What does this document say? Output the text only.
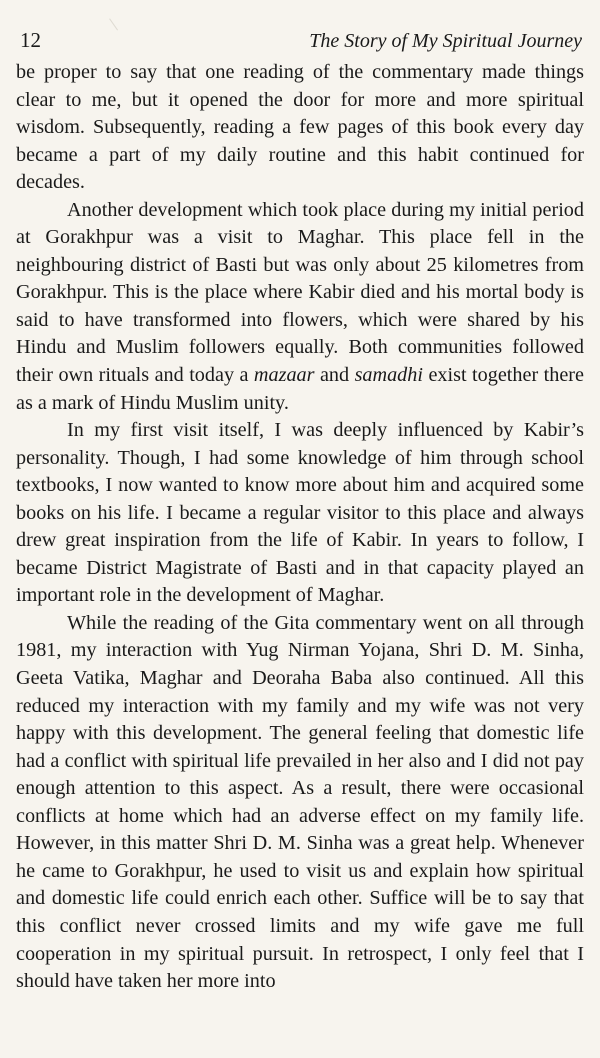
12	The Story of My Spiritual Journey

be proper to say that one reading of the commentary made things clear to me, but it opened the door for more and more spiritual wisdom. Subsequently, reading a few pages of this book every day became a part of my daily routine and this habit continued for decades.

Another development which took place during my initial period at Gorakhpur was a visit to Maghar. This place fell in the neighbouring district of Basti but was only about 25 kilometres from Gorakhpur. This is the place where Kabir died and his mortal body is said to have transformed into flowers, which were shared by his Hindu and Muslim followers equally. Both communities followed their own rituals and today a mazaar and samadhi exist together there as a mark of Hindu Muslim unity.

In my first visit itself, I was deeply influenced by Kabir’s personality. Though, I had some knowledge of him through school textbooks, I now wanted to know more about him and acquired some books on his life. I became a regular visitor to this place and always drew great inspiration from the life of Kabir. In years to follow, I became District Magistrate of Basti and in that capacity played an important role in the development of Maghar.

While the reading of the Gita commentary went on all through 1981, my interaction with Yug Nirman Yojana, Shri D. M. Sinha, Geeta Vatika, Maghar and Deoraha Baba also continued. All this reduced my interaction with my family and my wife was not very happy with this development. The general feeling that domestic life had a conflict with spiritual life prevailed in her also and I did not pay enough attention to this aspect. As a result, there were occasional conflicts at home which had an adverse effect on my family life. However, in this matter Shri D. M. Sinha was a great help. Whenever he came to Gorakhpur, he used to visit us and explain how spiritual and domestic life could enrich each other. Suffice will be to say that this conflict never crossed limits and my wife gave me full cooperation in my spiritual pursuit. In retrospect, I only feel that I should have taken her more into
